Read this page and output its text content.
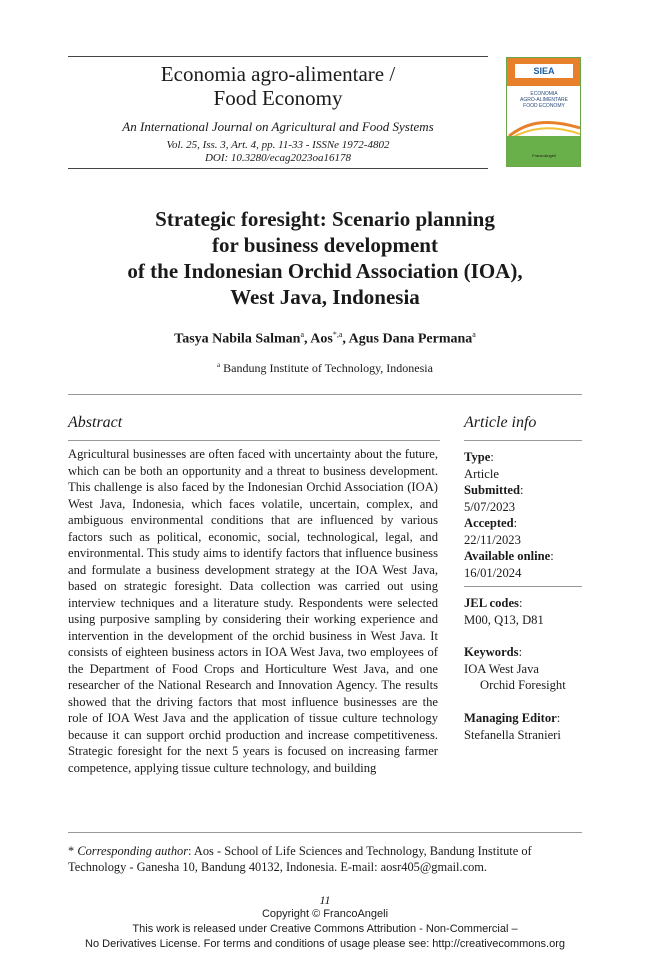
Economia agro-alimentare /
Food Economy
An International Journal on Agricultural and Food Systems
Vol. 25, Iss. 3, Art. 4, pp. 11-33 - ISSNe 1972-4802
DOI: 10.3280/ecag2023oa16178
SIEA
ECONOMIA
AGRO-ALIMENTARE
FOOD ECONOMY
FrancoAngeli
Strategic foresight: Scenario planning
for business development
of the Indonesian Orchid Association (IOA),
West Java, Indonesia
Tasya Nabila Salman$^a$, Aos$^{*,a}$, Agus Dana Permana$^a$
$^a$ Bandung Institute of Technology, Indonesia
Abstract
Agricultural businesses are often faced with uncertainty about the future, which can be both an opportunity and a threat to business development. This challenge is also faced by the Indonesian Orchid Association (IOA) West Java, Indonesia, which faces volatile, uncertain, complex, and ambiguous environmental conditions that are influenced by various factors such as political, economic, social, technological, legal, and environmental. This study aims to identify factors that influence business and formulate a business development strategy at the IOA West Java, based on strategic foresight. Data collection was carried out using interview techniques and a literature study. Respondents were selected using purposive sampling by considering their working experience and intervention in the development of the orchid business in West Java. It consists of eighteen business actors in IOA West Java, two employees of the Department of Food Crops and Horticulture West Java, and one researcher of the National Research and Innovation Agency. The results showed that the driving factors that most influence businesses are the role of IOA West Java and the application of tissue culture technology because it can support orchid production and increase competitiveness. Strategic foresight for the next 5 years is focused on increasing farmer competence, applying tissue culture technology, and building
Article info
Type:
Article
Submitted:
5/07/2023
Accepted:
22/11/2023
Available online:
16/01/2024
JEL codes:
M00, Q13, D81
Keywords:
IOA West Java
Orchid Foresight
Managing Editor:
Stefanella Stranieri
* Corresponding author: Aos - School of Life Sciences and Technology, Bandung Institute of Technology - Ganesha 10, Bandung 40132, Indonesia. E-mail: aosr405@gmail.com.
11
Copyright © FrancoAngeli
This work is released under Creative Commons Attribution - Non-Commercial –
No Derivatives License. For terms and conditions of usage please see: http://creativecommons.org
